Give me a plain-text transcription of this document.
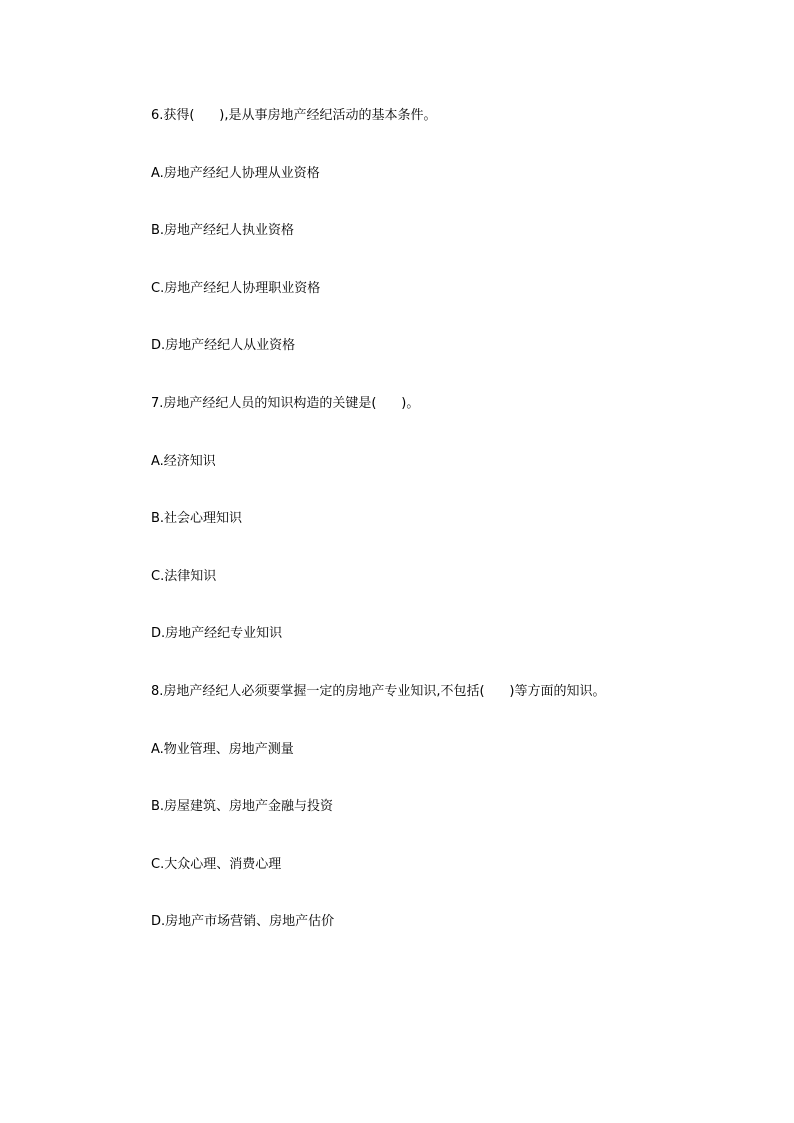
6.获得(      ),是从事房地产经纪活动的基本条件。
A.房地产经纪人协理从业资格
B.房地产经纪人执业资格
C.房地产经纪人协理职业资格
D.房地产经纪人从业资格
7.房地产经纪人员的知识构造的关键是(      )。
A.经济知识
B.社会心理知识
C.法律知识
D.房地产经纪专业知识
8.房地产经纪人必须要掌握一定的房地产专业知识,不包括(      )等方面的知识。
A.物业管理、房地产测量
B.房屋建筑、房地产金融与投资
C.大众心理、消费心理
D.房地产市场营销、房地产估价
